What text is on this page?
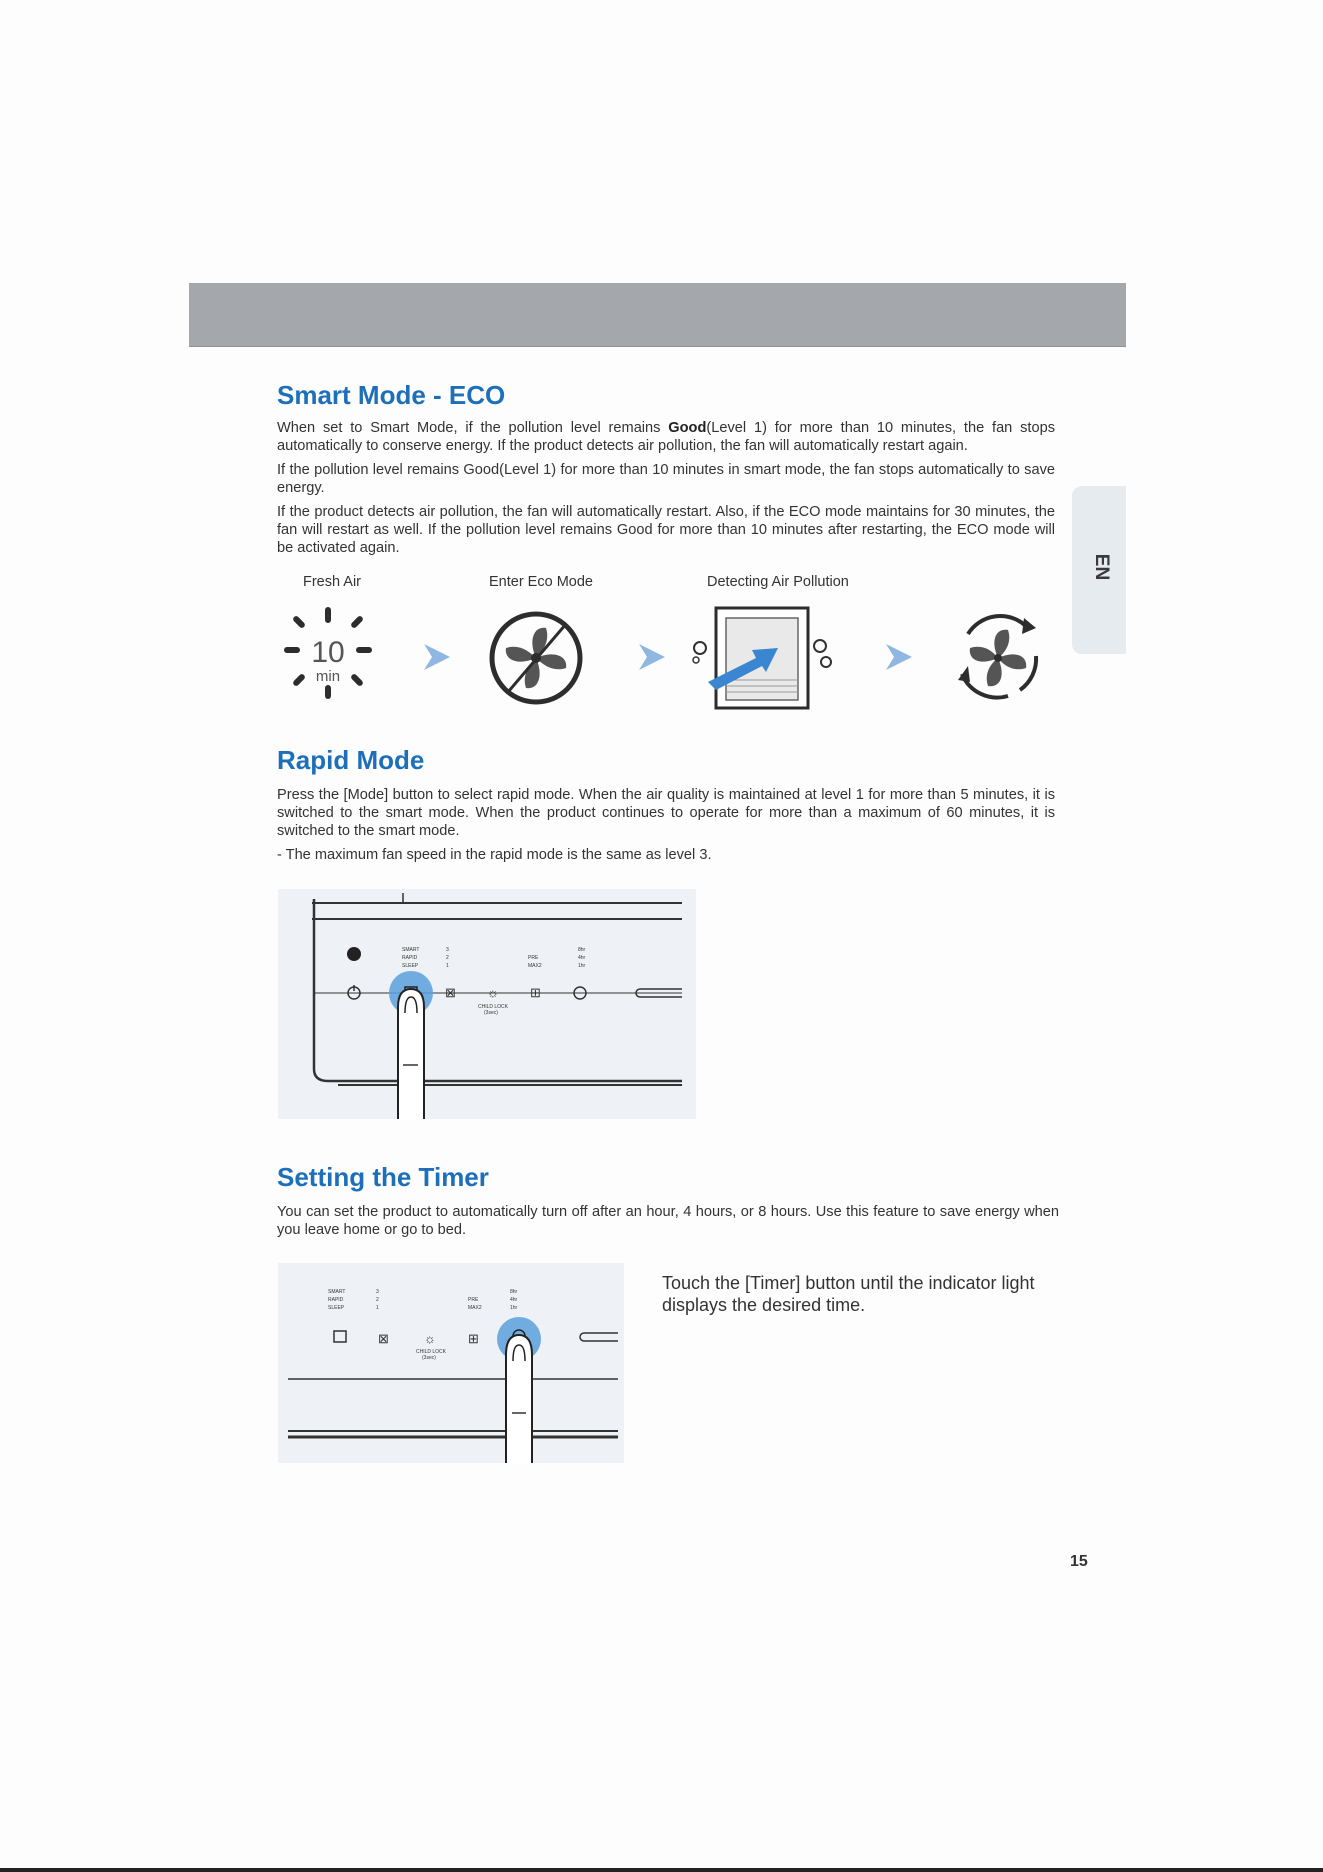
EN
Smart Mode - ECO

When set to Smart Mode, if the pollution level remains Good(Level 1) for more than 10 minutes, the fan stops automatically to conserve energy. If the product detects air pollution, the fan will automatically restart again.

If the pollution level remains Good(Level 1) for more than 10 minutes in smart mode, the fan stops automatically to save energy.

If the product detects air pollution, the fan will automatically restart. Also, if the ECO mode maintains for 30 minutes, the fan will restart as well. If the pollution level remains Good for more than 10 minutes after restarting, the ECO mode will be activated again.

Fresh Air	Enter Eco Mode	Detecting Air Pollution

10
min
Rapid Mode

Press the [Mode] button to select rapid mode. When the air quality is maintained at level 1 for more than 5 minutes, it is switched to the smart mode. When the product continues to operate for more than a maximum of 60 minutes, it is switched to the smart mode.

- The maximum fan speed in the rapid mode is the same as level 3.

SMART
RAPID
SLEEP
3
2
1
PRE
MAX2
8hr
4hr
1hr
CHILD LOCK
(3sec)
⊠ ☼ ⊞
Setting the Timer

You can set the product to automatically turn off after an hour, 4 hours, or 8 hours. Use this feature to save energy when you leave home or go to bed.

SMART
RAPID
SLEEP
3
2
1
PRE
MAX2
8hr
4hr
1hr
CHILD LOCK
(3sec)
⊠	☼ ⊞

Touch the [Timer] button until the indicator light displays the desired time.

15
